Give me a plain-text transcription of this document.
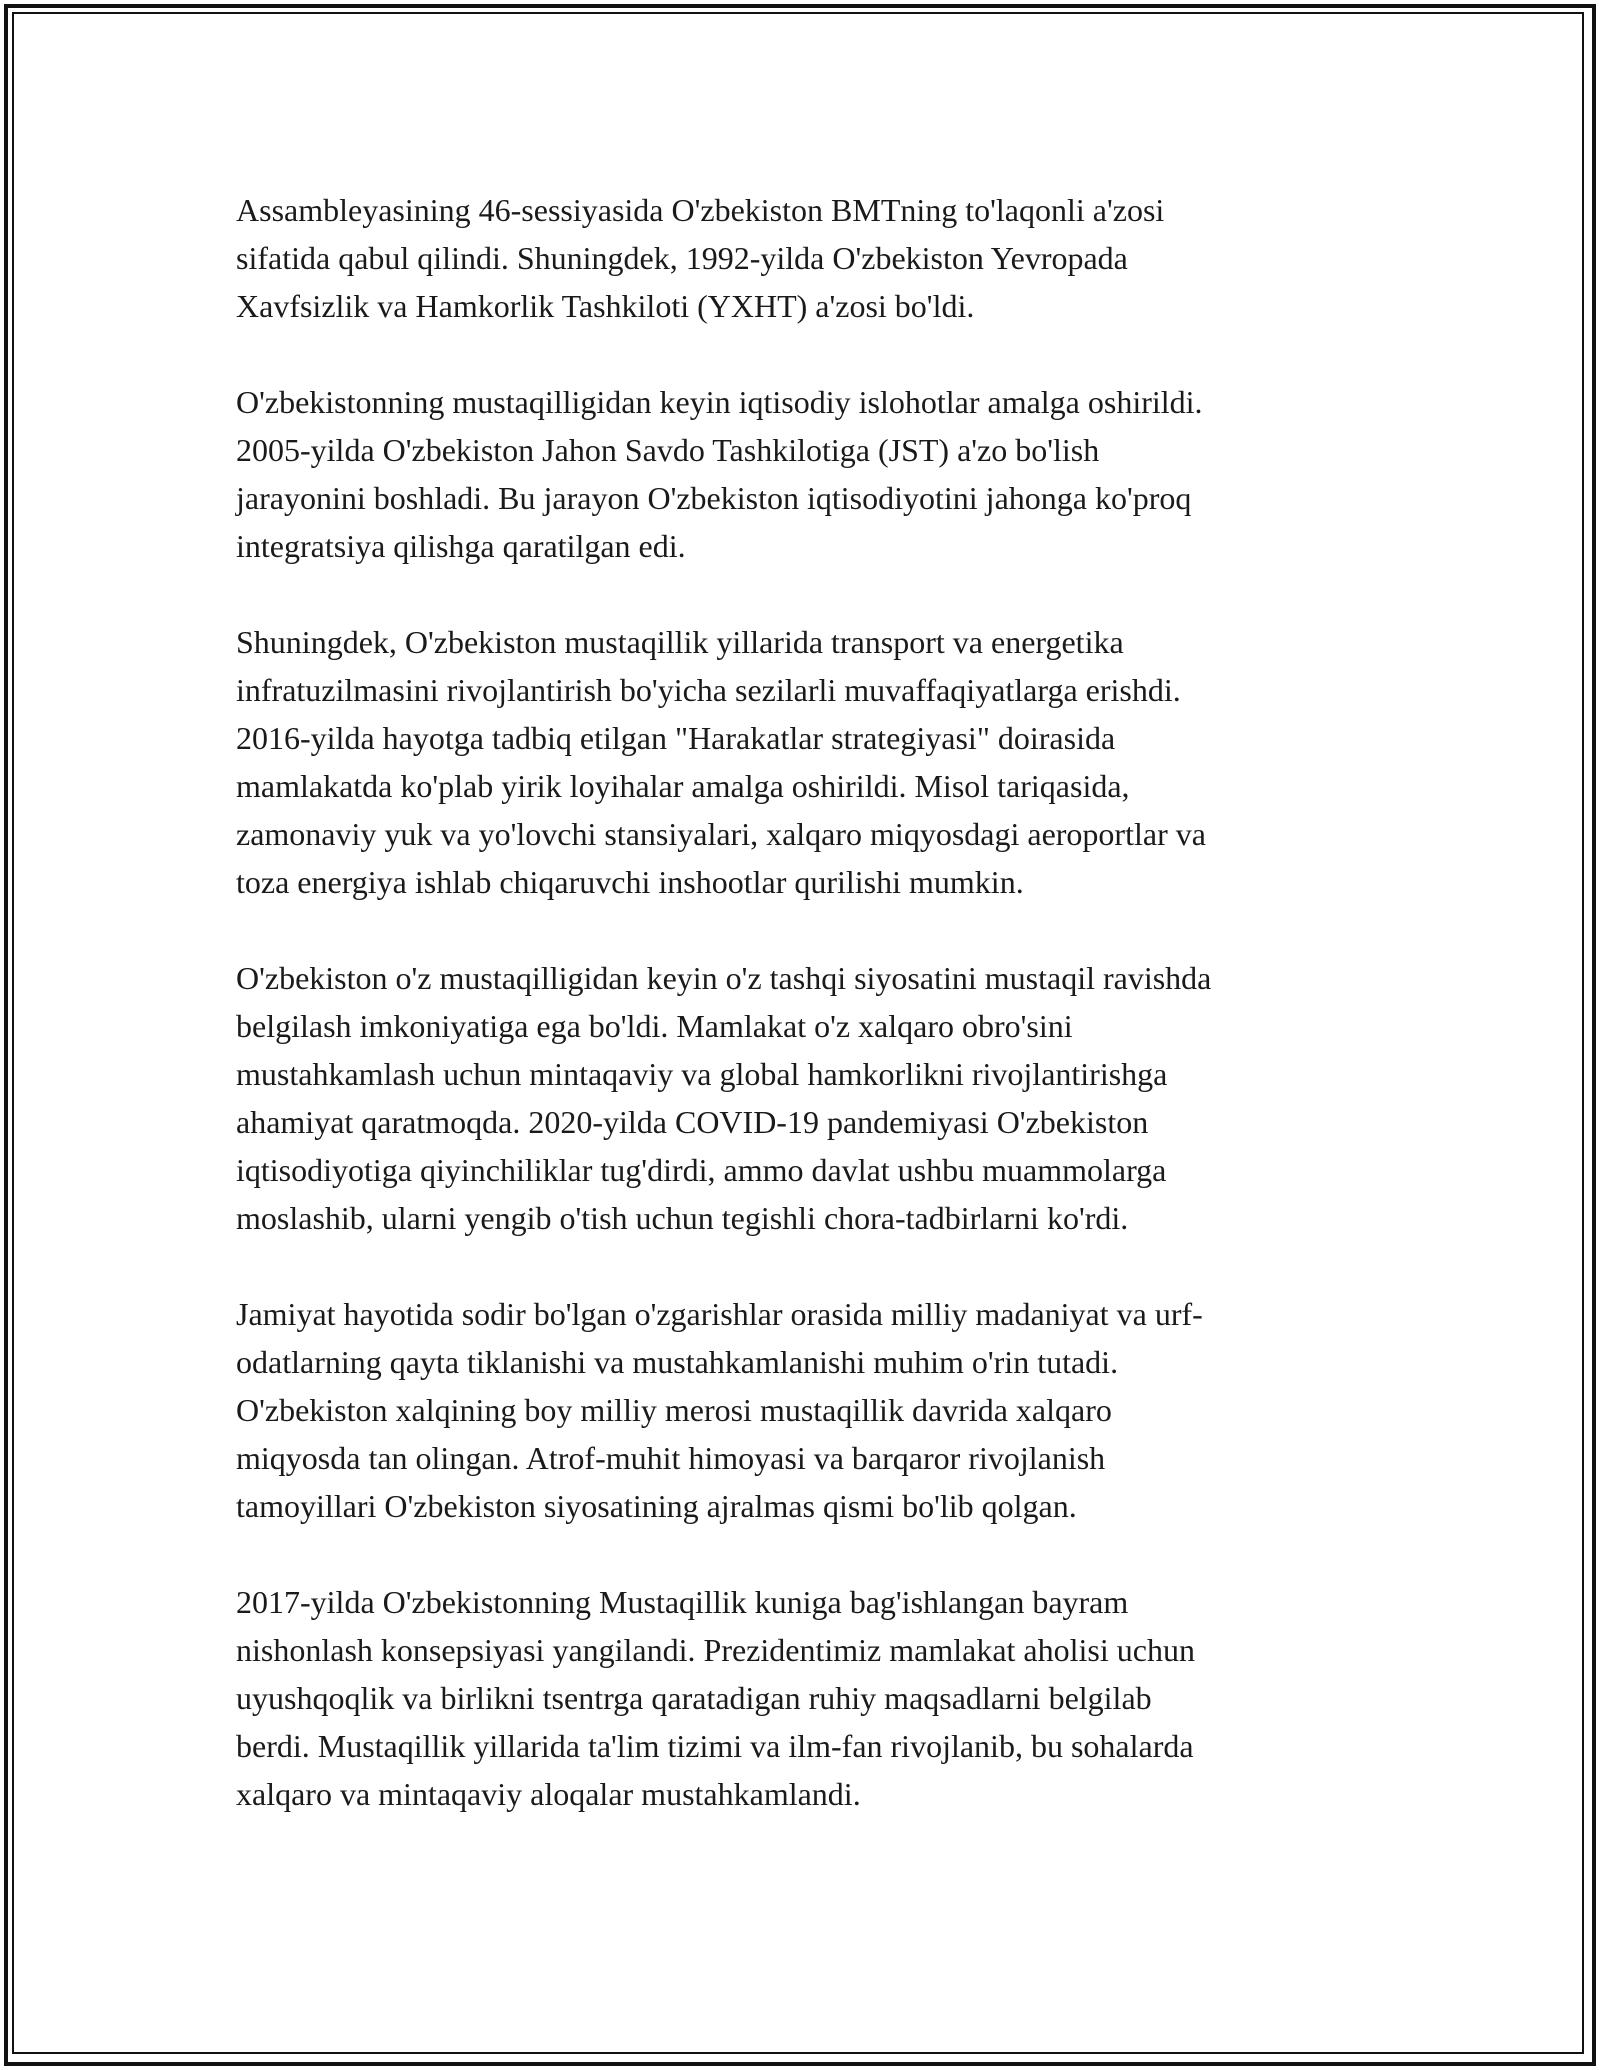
Assambleyasining 46-sessiyasida O'zbekiston BMTning to'laqonli a'zosi
sifatida qabul qilindi. Shuningdek, 1992-yilda O'zbekiston Yevropada
Xavfsizlik va Hamkorlik Tashkiloti (YXHT) a'zosi bo'ldi.

O'zbekistonning mustaqilligidan keyin iqtisodiy islohotlar amalga oshirildi.
2005-yilda O'zbekiston Jahon Savdo Tashkilotiga (JST) a'zo bo'lish
jarayonini boshladi. Bu jarayon O'zbekiston iqtisodiyotini jahonga ko'proq
integratsiya qilishga qaratilgan edi.

Shuningdek, O'zbekiston mustaqillik yillarida transport va energetika
infratuzilmasini rivojlantirish bo'yicha sezilarli muvaffaqiyatlarga erishdi.
2016-yilda hayotga tadbiq etilgan "Harakatlar strategiyasi" doirasida
mamlakatda ko'plab yirik loyihalar amalga oshirildi. Misol tariqasida,
zamonaviy yuk va yo'lovchi stansiyalari, xalqaro miqyosdagi aeroportlar va
toza energiya ishlab chiqaruvchi inshootlar qurilishi mumkin.

O'zbekiston o'z mustaqilligidan keyin o'z tashqi siyosatini mustaqil ravishda
belgilash imkoniyatiga ega bo'ldi. Mamlakat o'z xalqaro obro'sini
mustahkamlash uchun mintaqaviy va global hamkorlikni rivojlantirishga
ahamiyat qaratmoqda. 2020-yilda COVID-19 pandemiyasi O'zbekiston
iqtisodiyotiga qiyinchiliklar tug'dirdi, ammo davlat ushbu muammolarga
moslashib, ularni yengib o'tish uchun tegishli chora-tadbirlarni ko'rdi.

Jamiyat hayotida sodir bo'lgan o'zgarishlar orasida milliy madaniyat va urf-
odatlarning qayta tiklanishi va mustahkamlanishi muhim o'rin tutadi.
O'zbekiston xalqining boy milliy merosi mustaqillik davrida xalqaro
miqyosda tan olingan. Atrof-muhit himoyasi va barqaror rivojlanish
tamoyillari O'zbekiston siyosatining ajralmas qismi bo'lib qolgan.

2017-yilda O'zbekistonning Mustaqillik kuniga bag'ishlangan bayram
nishonlash konsepsiyasi yangilandi. Prezidentimiz mamlakat aholisi uchun
uyushqoqlik va birlikni tsentrga qaratadigan ruhiy maqsadlarni belgilab
berdi. Mustaqillik yillarida ta'lim tizimi va ilm-fan rivojlanib, bu sohalarda
xalqaro va mintaqaviy aloqalar mustahkamlandi.
